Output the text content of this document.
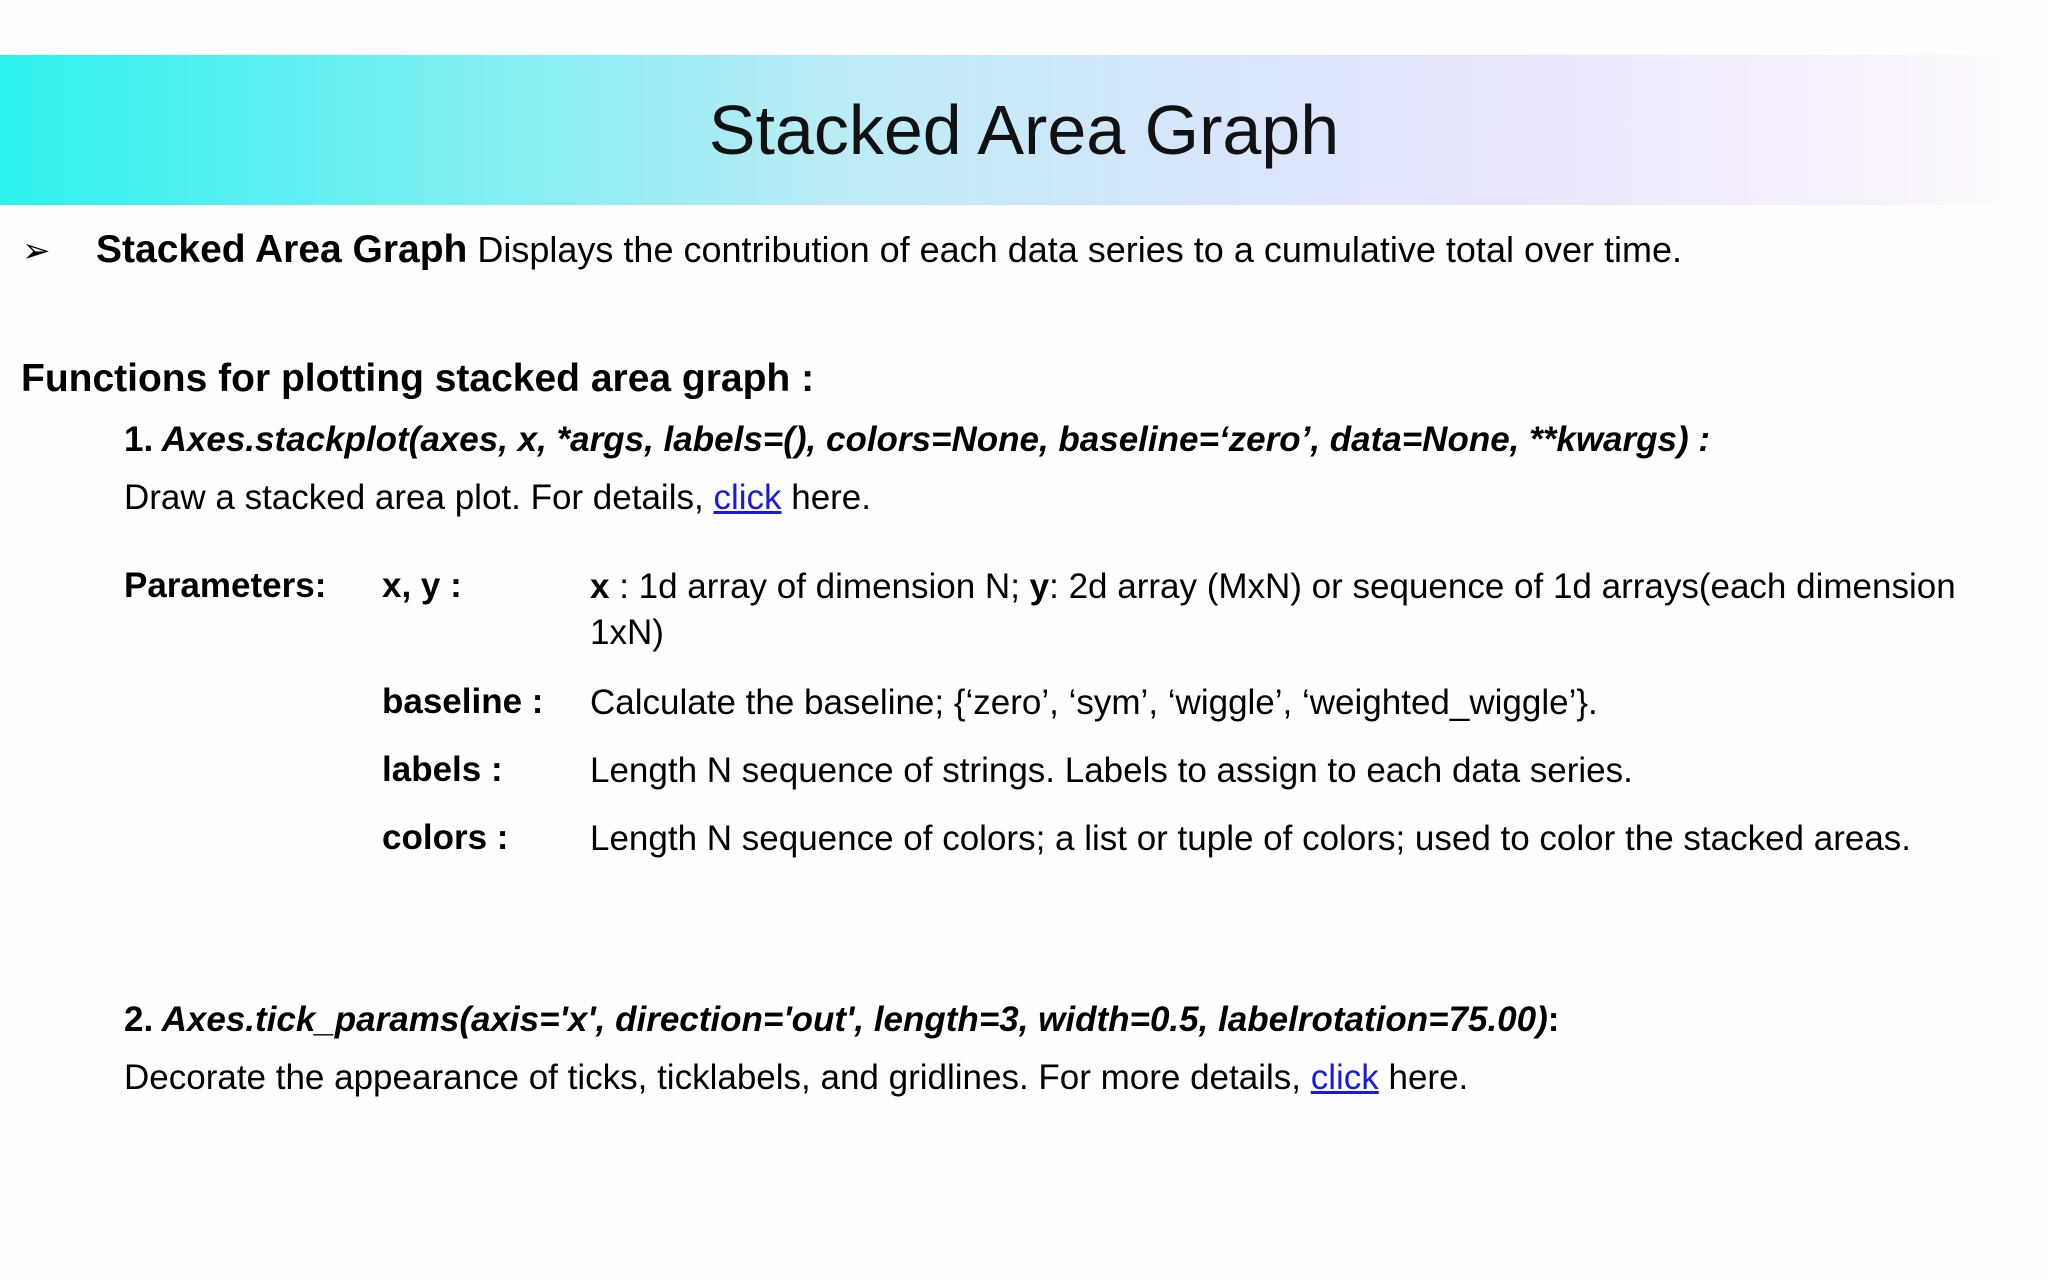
Stacked Area Graph
➢ Stacked Area Graph Displays the contribution of each data series to a cumulative total over time.
Functions for plotting stacked area graph :
1. Axes.stackplot(axes, x, *args, labels=(), colors=None, baseline=‘zero’, data=None, **kwargs) :
Draw a stacked area plot. For details, click here.
Parameters: x, y :	x : 1d array of dimension N; y: 2d array (MxN) or sequence of 1d arrays(each dimension 1xN)
baseline : Calculate the baseline; {‘zero’, ‘sym’, ‘wiggle’, ‘weighted_wiggle’}.
labels : Length N sequence of strings. Labels to assign to each data series.
colors : Length N sequence of colors; a list or tuple of colors; used to color the stacked areas.
2. Axes.tick_params(axis='x', direction='out', length=3, width=0.5, labelrotation=75.00):
Decorate the appearance of ticks, ticklabels, and gridlines. For more details, click here.
